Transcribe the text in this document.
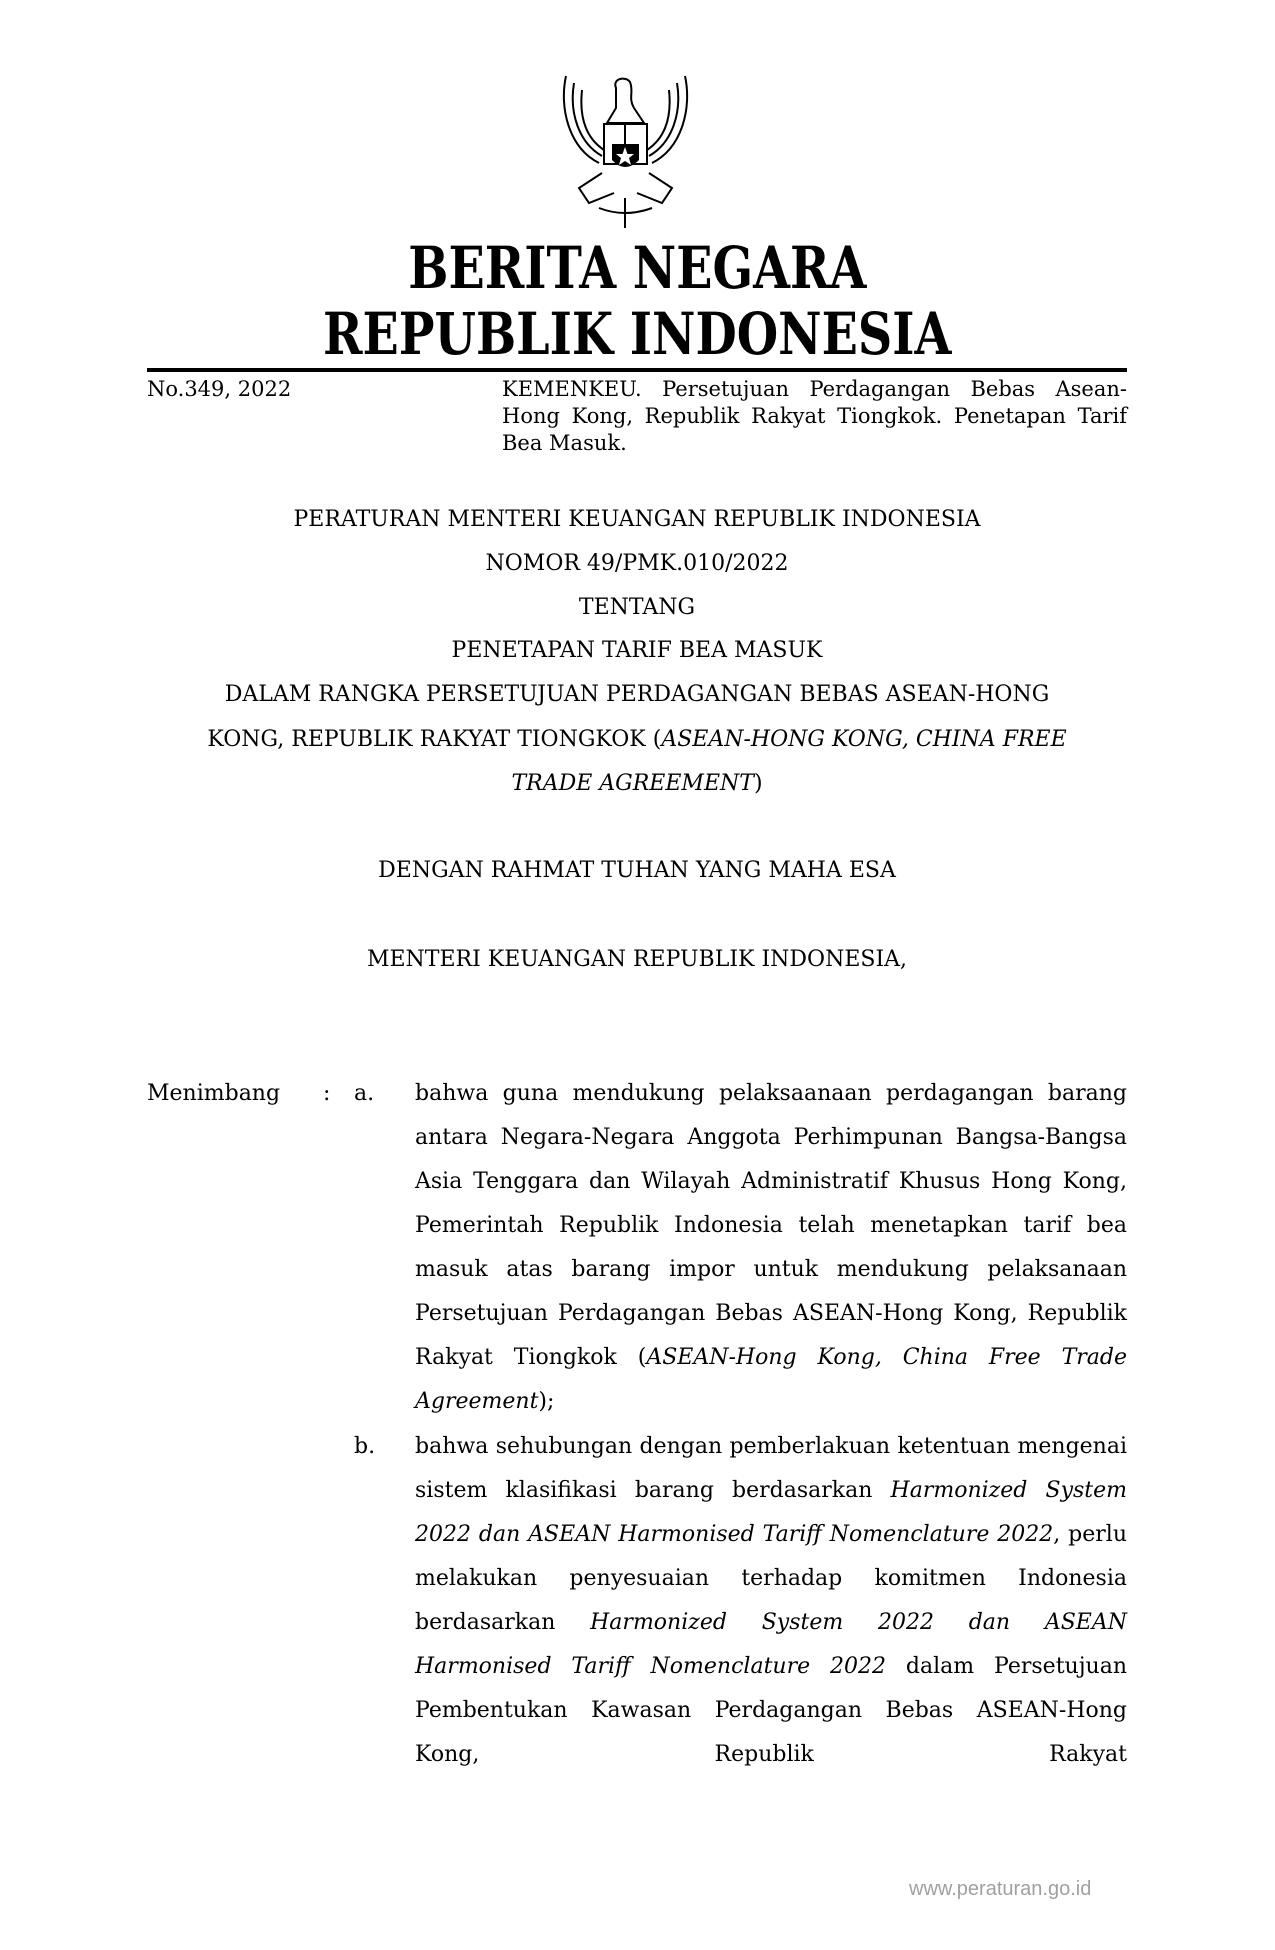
BERITA NEGARA
REPUBLIK INDONESIA
No.349, 2022	KEMENKEU. Persetujuan Perdagangan Bebas Asean-Hong Kong, Republik Rakyat Tiongkok. Penetapan Tarif Bea Masuk.
PERATURAN MENTERI KEUANGAN REPUBLIK INDONESIA
NOMOR 49/PMK.010/2022
TENTANG
PENETAPAN TARIF BEA MASUK
DALAM RANGKA PERSETUJUAN PERDAGANGAN BEBAS ASEAN-HONG
KONG, REPUBLIK RAKYAT TIONGKOK (ASEAN-HONG KONG, CHINA FREE
TRADE AGREEMENT)
DENGAN RAHMAT TUHAN YANG MAHA ESA
MENTERI KEUANGAN REPUBLIK INDONESIA,
Menimbang : a. bahwa guna mendukung pelaksaanaan perdagangan barang antara Negara-Negara Anggota Perhimpunan Bangsa-Bangsa Asia Tenggara dan Wilayah Administratif Khusus Hong Kong, Pemerintah Republik Indonesia telah menetapkan tarif bea masuk atas barang impor untuk mendukung pelaksanaan Persetujuan Perdagangan Bebas ASEAN-Hong Kong, Republik Rakyat Tiongkok (ASEAN-Hong Kong, China Free Trade Agreement);
b. bahwa sehubungan dengan pemberlakuan ketentuan mengenai sistem klasifikasi barang berdasarkan Harmonized System 2022 dan ASEAN Harmonised Tariff Nomenclature 2022, perlu melakukan penyesuaian terhadap komitmen Indonesia berdasarkan Harmonized System 2022 dan ASEAN Harmonised Tariff Nomenclature 2022 dalam Persetujuan Pembentukan Kawasan Perdagangan Bebas ASEAN-Hong Kong, Republik Rakyat
www.peraturan.go.id
